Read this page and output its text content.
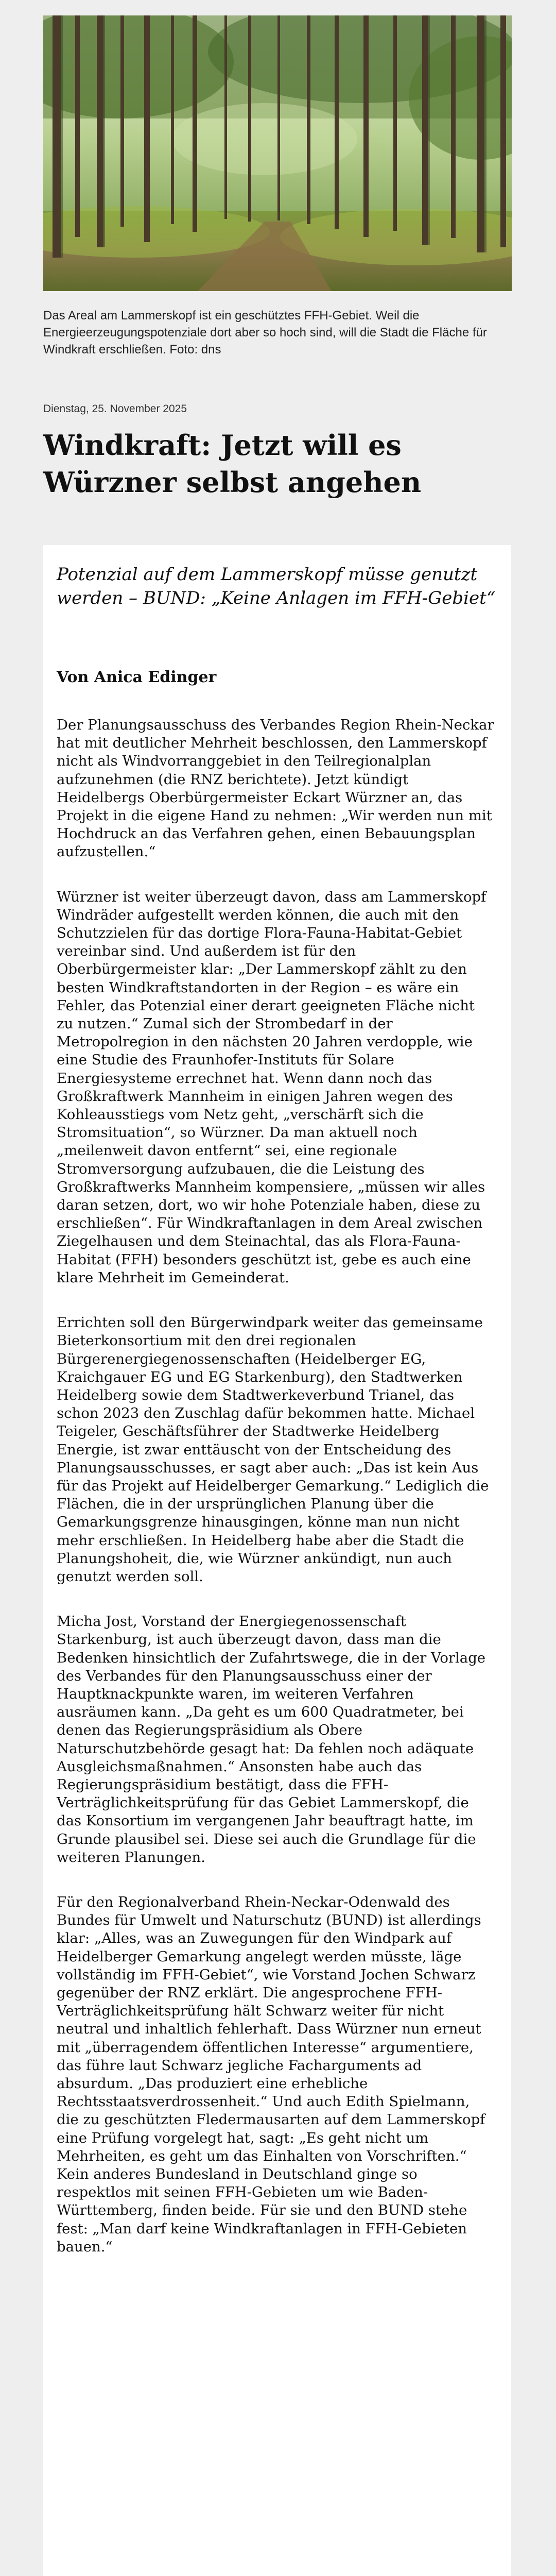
Das Areal am Lammerskopf ist ein geschütztes FFH-Gebiet. Weil die Energieerzeugungspotenziale dort aber so hoch sind, will die Stadt die Fläche für Windkraft erschließen. Foto: dns
Dienstag, 25. November 2025
Windkraft: Jetzt will es Würzner selbst angehen
Potenzial auf dem Lammerskopf müsse genutzt werden – BUND: „Keine Anlagen im FFH-Gebiet“
Von Anica Edinger

Der Planungsausschuss des Verbandes Region Rhein-Neckar hat mit deutlicher Mehrheit beschlossen, den Lammerskopf nicht als Windvorranggebiet in den Teilregionalplan aufzunehmen (die RNZ berichtete). Jetzt kündigt Heidelbergs Oberbürgermeister Eckart Würzner an, das Projekt in die eigene Hand zu nehmen: „Wir werden nun mit Hochdruck an das Verfahren gehen, einen Bebauungsplan aufzustellen.“

Würzner ist weiter überzeugt davon, dass am Lammerskopf Windräder aufgestellt werden können, die auch mit den Schutzzielen für das dortige Flora-Fauna-Habitat-Gebiet vereinbar sind. Und außerdem ist für den Oberbürgermeister klar: „Der Lammerskopf zählt zu den besten Windkraftstandorten in der Region – es wäre ein Fehler, das Potenzial einer derart geeigneten Fläche nicht zu nutzen.“ Zumal sich der Strombedarf in der Metropolregion in den nächsten 20 Jahren verdopple, wie eine Studie des Fraunhofer-Instituts für Solare Energiesysteme errechnet hat. Wenn dann noch das Großkraftwerk Mannheim in einigen Jahren wegen des Kohleausstiegs vom Netz geht, „verschärft sich die Stromsituation“, so Würzner. Da man aktuell noch „meilenweit davon entfernt“ sei, eine regionale Stromversorgung aufzubauen, die die Leistung des Großkraftwerks Mannheim kompensiere, „müssen wir alles daran setzen, dort, wo wir hohe Potenziale haben, diese zu erschließen“. Für Windkraftanlagen in dem Areal zwischen Ziegelhausen und dem Steinachtal, das als Flora-Fauna-Habitat (FFH) besonders geschützt ist, gebe es auch eine klare Mehrheit im Gemeinderat.

Errichten soll den Bürgerwindpark weiter das gemeinsame Bieterkonsortium mit den drei regionalen Bürgerenergiegenossenschaften (Heidelberger EG, Kraichgauer EG und EG Starkenburg), den Stadtwerken Heidelberg sowie dem Stadtwerkeverbund Trianel, das schon 2023 den Zuschlag dafür bekommen hatte. Michael Teigeler, Geschäftsführer der Stadtwerke Heidelberg Energie, ist zwar enttäuscht von der Entscheidung des Planungsausschusses, er sagt aber auch: „Das ist kein Aus für das Projekt auf Heidelberger Gemarkung.“ Lediglich die Flächen, die in der ursprünglichen Planung über die Gemarkungsgrenze hinausgingen, könne man nun nicht mehr erschließen. In Heidelberg habe aber die Stadt die Planungshoheit, die, wie Würzner ankündigt, nun auch genutzt werden soll.

Micha Jost, Vorstand der Energiegenossenschaft Starkenburg, ist auch überzeugt davon, dass man die Bedenken hinsichtlich der Zufahrtswege, die in der Vorlage des Verbandes für den Planungsausschuss einer der Hauptknackpunkte waren, im weiteren Verfahren ausräumen kann. „Da geht es um 600 Quadratmeter, bei denen das Regierungspräsidium als Obere Naturschutzbehörde gesagt hat: Da fehlen noch adäquate Ausgleichsmaßnahmen.“ Ansonsten habe auch das Regierungspräsidium bestätigt, dass die FFH-Verträglichkeitsprüfung für das Gebiet Lammerskopf, die das Konsortium im vergangenen Jahr beauftragt hatte, im Grunde plausibel sei. Diese sei auch die Grundlage für die weiteren Planungen.

Für den Regionalverband Rhein-Neckar-Odenwald des Bundes für Umwelt und Naturschutz (BUND) ist allerdings klar: „Alles, was an Zuwegungen für den Windpark auf Heidelberger Gemarkung angelegt werden müsste, läge vollständig im FFH-Gebiet“, wie Vorstand Jochen Schwarz gegenüber der RNZ erklärt. Die angesprochene FFH-Verträglichkeitsprüfung hält Schwarz weiter für nicht neutral und inhaltlich fehlerhaft. Dass Würzner nun erneut mit „überragendem öffentlichen Interesse“ argumentiere, das führe laut Schwarz jegliche Facharguments ad absurdum. „Das produziert eine erhebliche Rechtsstaatsverdrossenheit.“ Und auch Edith Spielmann, die zu geschützten Fledermausarten auf dem Lammerskopf eine Prüfung vorgelegt hat, sagt: „Es geht nicht um Mehrheiten, es geht um das Einhalten von Vorschriften.“ Kein anderes Bundesland in Deutschland ginge so respektlos mit seinen FFH-Gebieten um wie Baden-Württemberg, finden beide. Für sie und den BUND stehe fest: „Man darf keine Windkraftanlagen in FFH-Gebieten bauen.“
